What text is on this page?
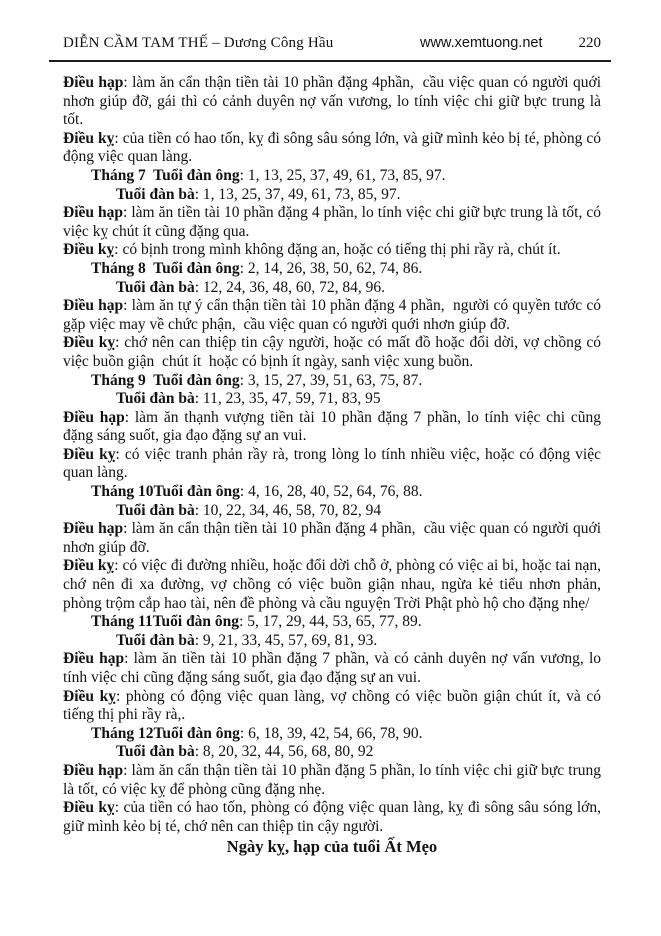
DIỄN CẦM TAM THẾ – Dương Công Hầu	www.xemtuong.net 220

Điều hạp: làm ăn cẩn thận tiền tài 10 phần đặng 4phần,  cầu việc quan có người quới nhơn giúp đỡ, gái thì có cảnh duyên nợ vấn vương, lo tính việc chi giữ bực trung là tốt.

Điều kỵ: của tiền có hao tốn, kỵ đi sông sâu sóng lớn, và giữ mình kẻo bị té, phòng có động việc quan làng.

Tháng 7  Tuổi đàn ông: 1, 13, 25, 37, 49, 61, 73, 85, 97.

Tuổi đàn bà: 1, 13, 25, 37, 49, 61, 73, 85, 97.

Điều hạp: làm ăn tiền tài 10 phần đặng 4 phần, lo tính việc chi giữ bực trung là tốt, có việc kỵ chút ít cũng đặng qua.

Điều kỵ: có bịnh trong mình không đặng an, hoặc có tiếng thị phi rầy rà, chút ít.

Tháng 8  Tuổi đàn ông: 2, 14, 26, 38, 50, 62, 74, 86.

Tuổi đàn bà: 12, 24, 36, 48, 60, 72, 84, 96.

Điều hạp: làm ăn tự ý cẩn thận tiền tài 10 phần đặng 4 phần,  người có quyền tước có gặp việc may về chức phận,  cầu việc quan có người quới nhơn giúp đỡ.

Điều kỵ: chớ nên can thiệp tin cậy người, hoặc có mất đồ hoặc đổi dời, vợ chồng có việc buồn giận  chút ít  hoặc có bịnh ít ngày, sanh việc xung buồn.

Tháng 9  Tuổi đàn ông: 3, 15, 27, 39, 51, 63, 75, 87.

Tuổi đàn bà: 11, 23, 35, 47, 59, 71, 83, 95

Điều hạp: làm ăn thạnh vượng tiền tài 10 phần đặng 7 phần, lo tính việc chi cũng đặng sáng suốt, gia đạo đặng sự an vui.

Điều kỵ: có việc tranh phản rầy rà, trong lòng lo tính nhiều việc, hoặc có động việc quan làng.

Tháng 10Tuổi đàn ông: 4, 16, 28, 40, 52, 64, 76, 88.

Tuổi đàn bà: 10, 22, 34, 46, 58, 70, 82, 94

Điều hạp: làm ăn cẩn thận tiền tài 10 phần đặng 4 phần,  cầu việc quan có người quới nhơn giúp đỡ.

Điều kỵ: có việc đi đường nhiều, hoặc đổi dời chỗ ở, phòng có việc ai bi, hoặc tai nạn, chớ nên đi xa đường, vợ chồng có việc buồn giận nhau, ngừa kẻ tiểu nhơn phản, phòng trộm cắp hao tài, nên đề phòng và cầu nguyện Trời Phật phò hộ cho đặng nhẹ/

Tháng 11Tuổi đàn ông: 5, 17, 29, 44, 53, 65, 77, 89.

Tuổi đàn bà: 9, 21, 33, 45, 57, 69, 81, 93.

Điều hạp: làm ăn tiền tài 10 phần đặng 7 phần, và có cảnh duyên nợ vấn vương, lo tính việc chi cũng đặng sáng suốt, gia đạo đặng sự an vui.

Điều kỵ: phòng có động việc quan làng, vợ chồng có việc buồn giận chút ít, và có tiếng thị phi rầy rà,.

Tháng 12Tuổi đàn ông: 6, 18, 39, 42, 54, 66, 78, 90.

Tuổi đàn bà: 8, 20, 32, 44, 56, 68, 80, 92

Điều hạp: làm ăn cẩn thận tiền tài 10 phần đặng 5 phần, lo tính việc chi giữ bực trung là tốt, có việc kỵ để phòng cũng đặng nhẹ.

Điều kỵ: của tiền có hao tốn, phòng có động việc quan làng, kỵ đi sông sâu sóng lớn, giữ mình kẻo bị té, chớ nên can thiệp tin cậy người.

Ngày kỵ, hạp của tuổi Ất Mẹo
